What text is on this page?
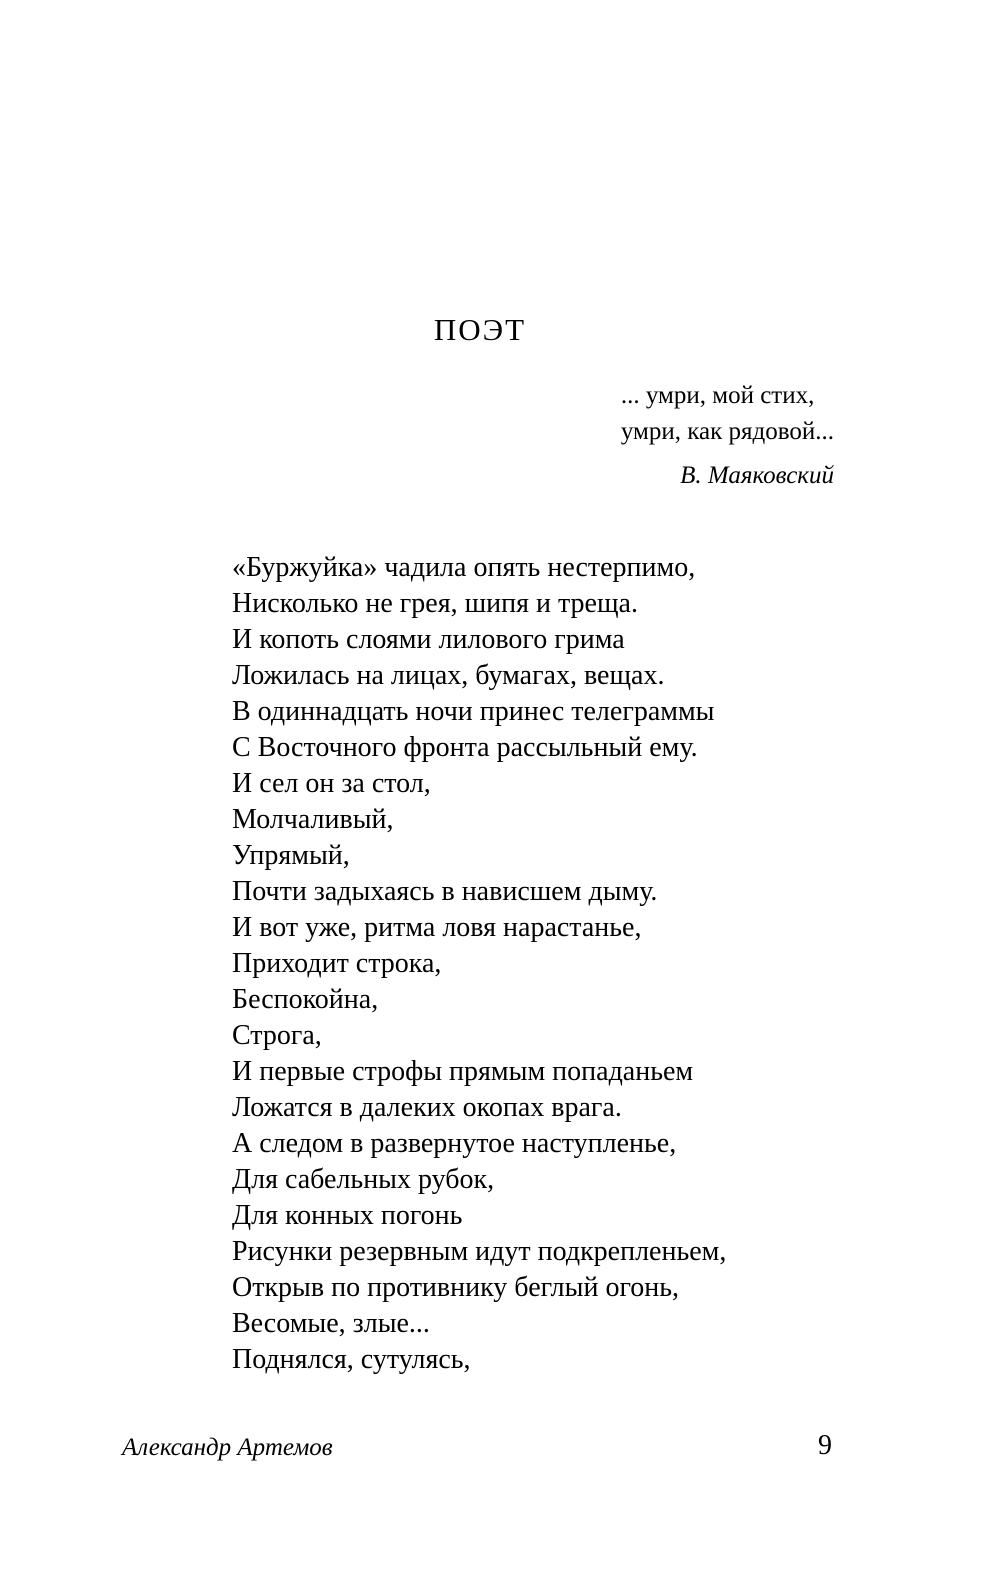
ПОЭТ
... умри, мой стих,
умри, как рядовой...
В. Маяковский
«Буржуйка» чадила опять нестерпимо,
Нисколько не грея, шипя и треща.
И копоть слоями лилового грима
Ложилась на лицах, бумагах, вещах.
В одиннадцать ночи принес телеграммы
С Восточного фронта рассыльный ему.
И сел он за стол,
Молчаливый,
Упрямый,
Почти задыхаясь в нависшем дыму.
И вот уже, ритма ловя нарастанье,
Приходит строка,
Беспокойна,
Строга,
И первые строфы прямым попаданьем
Ложатся в далеких окопах врага.
А следом в развернутое наступленье,
Для сабельных рубок,
Для конных погонь
Рисунки резервным идут подкрепленьем,
Открыв по противнику беглый огонь,
Весомые, злые...
Поднялся, сутулясь,
Александр Артемов	9
